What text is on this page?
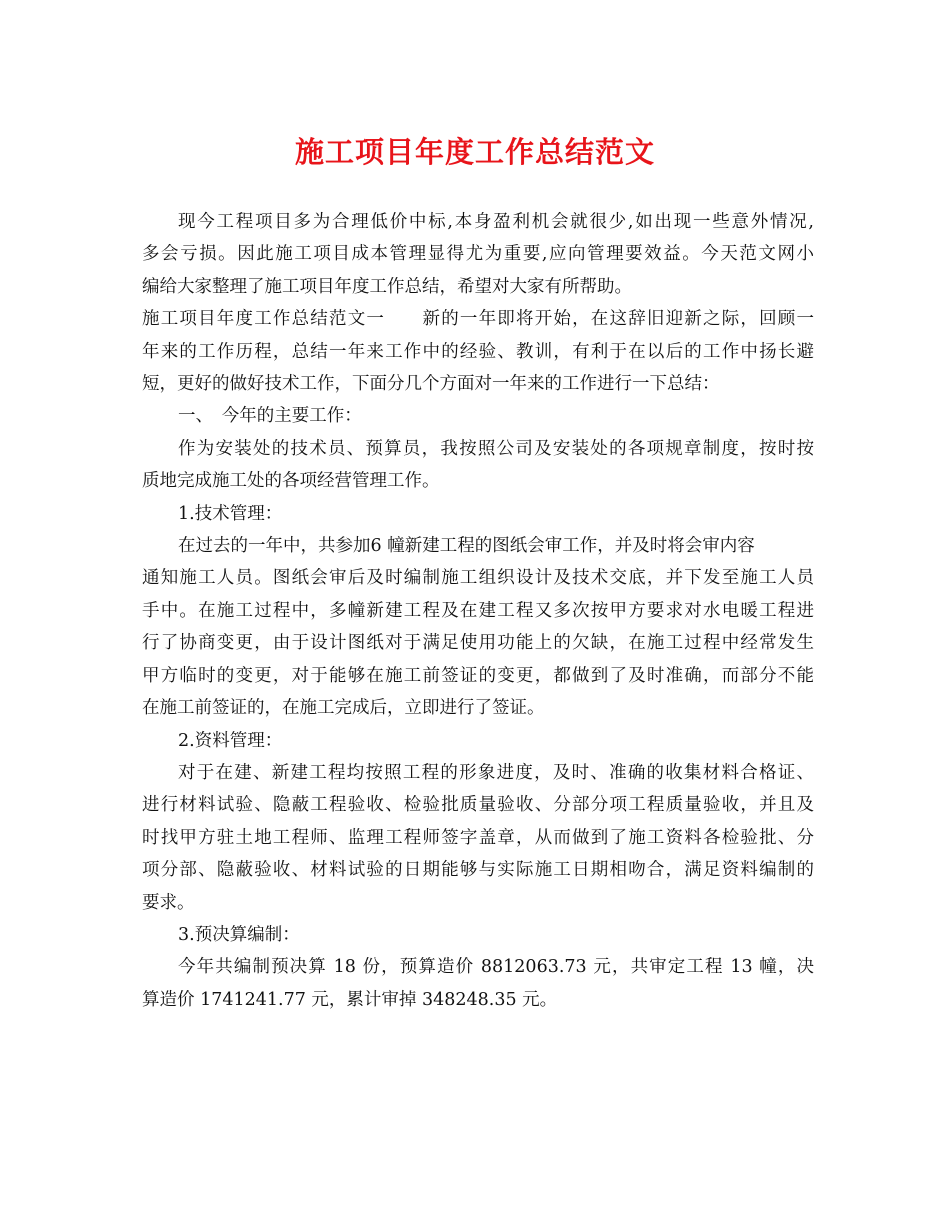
施工项目年度工作总结范文
现今工程项目多为合理低价中标,本身盈利机会就很少,如出现一些意外情况,
多会亏损。因此施工项目成本管理显得尤为重要,应向管理要效益。今天范文网小
编给大家整理了施工项目年度工作总结，希望对大家有所帮助。
施工项目年度工作总结范文一　　新的一年即将开始，在这辞旧迎新之际，回顾一
年来的工作历程，总结一年来工作中的经验、教训，有利于在以后的工作中扬长避
短，更好的做好技术工作，下面分几个方面对一年来的工作进行一下总结：
一、　今年的主要工作：
作为安装处的技术员、预算员，我按照公司及安装处的各项规章制度，按时按
质地完成施工处的各项经营管理工作。
1.技术管理：
在过去的一年中，共参加6 幢新建工程的图纸会审工作，并及时将会审内容
通知施工人员。图纸会审后及时编制施工组织设计及技术交底，并下发至施工人员
手中。在施工过程中，多幢新建工程及在建工程又多次按甲方要求对水电暖工程进
行了协商变更，由于设计图纸对于满足使用功能上的欠缺，在施工过程中经常发生
甲方临时的变更，对于能够在施工前签证的变更，都做到了及时准确，而部分不能
在施工前签证的，在施工完成后，立即进行了签证。
2.资料管理：
对于在建、新建工程均按照工程的形象进度，及时、准确的收集材料合格证、
进行材料试验、隐蔽工程验收、检验批质量验收、分部分项工程质量验收，并且及
时找甲方驻土地工程师、监理工程师签字盖章，从而做到了施工资料各检验批、分
项分部、隐蔽验收、材料试验的日期能够与实际施工日期相吻合，满足资料编制的
要求。
3.预决算编制：
今年共编制预决算 18 份，预算造价 8812063.73 元，共审定工程 13 幢，决
算造价 1741241.77 元，累计审掉 348248.35 元。
